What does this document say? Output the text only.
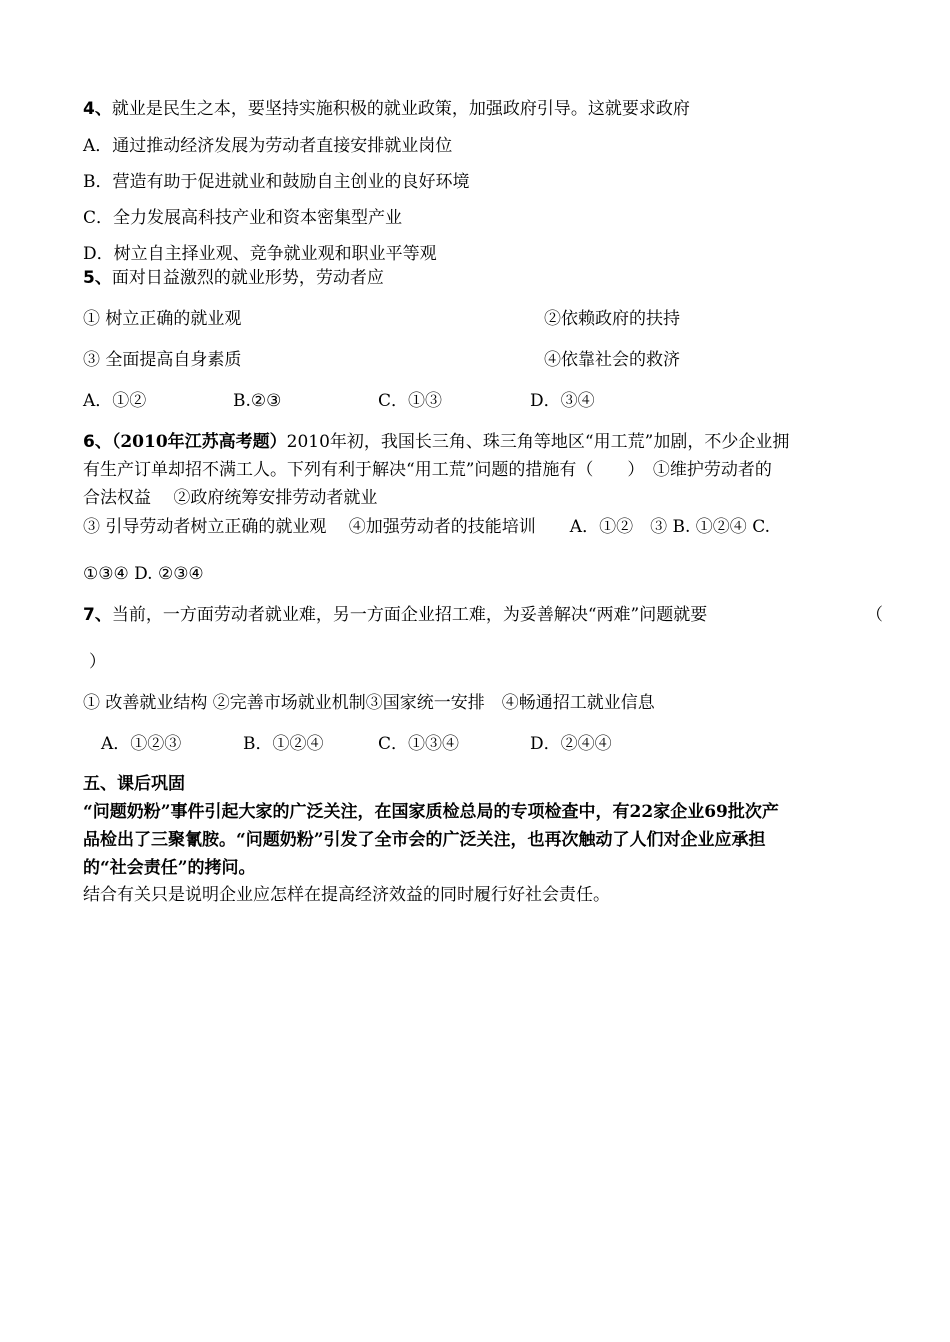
4、就业是民生之本，要坚持实施积极的就业政策，加强政府引导。这就要求政府
A．通过推动经济发展为劳动者直接安排就业岗位
B．营造有助于促进就业和鼓励自主创业的良好环境
C．全力发展高科技产业和资本密集型产业
D．树立自主择业观、竞争就业观和职业平等观
5、面对日益激烈的就业形势，劳动者应
① 树立正确的就业观	②依赖政府的扶持
③ 全面提高自身素质	④依靠社会的救济
A．①②	B.②③	C．①③	D．③④
6、（2010年江苏高考题）2010年初，我国长三角、珠三角等地区“用工荒”加剧，不少企业拥
有生产订单却招不满工人。下列有利于解决“用工荒”问题的措施有（　　）　①维护劳动者的
合法权益　 ②政府统筹安排劳动者就业
③ 引导劳动者树立正确的就业观　 ④加强劳动者的技能培训　　A．①②　③ B. ①②④ C.
①③④ D. ②③④
7、当前，一方面劳动者就业难，另一方面企业招工难，为妥善解决“两难”问题就要	（
）
① 改善就业结构 ②完善市场就业机制③国家统一安排　④畅通招工就业信息
A．①②③	B．①②④	C．①③④	D．②④④
五、课后巩固
“问题奶粉”事件引起大家的广泛关注，在国家质检总局的专项检查中，有22家企业69批次产
品检出了三聚氰胺。“问题奶粉”引发了全市会的广泛关注，也再次触动了人们对企业应承担
的“社会责任”的拷问。
结合有关只是说明企业应怎样在提高经济效益的同时履行好社会责任。
